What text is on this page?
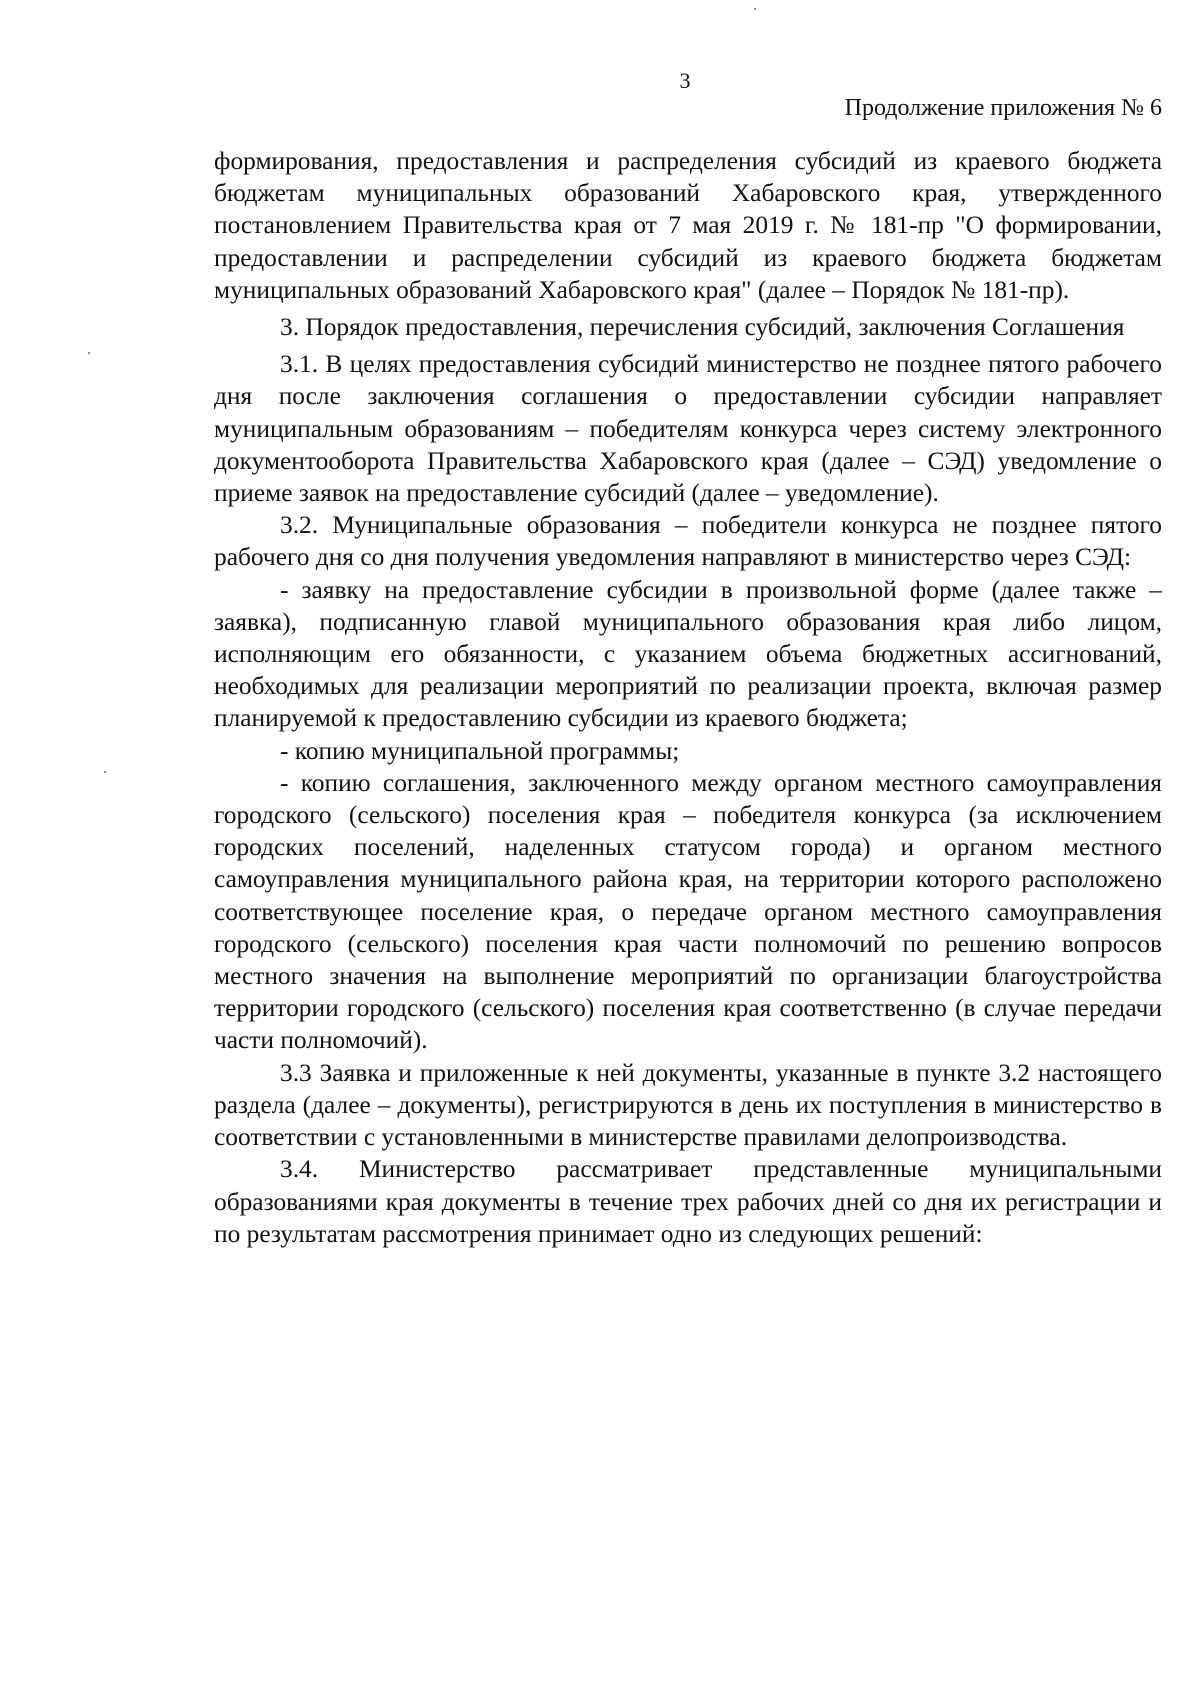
3
Продолжение приложения № 6

формирования, предоставления и распределения субсидий из краевого бюджета бюджетам муниципальных образований Хабаровского края, утвержденного постановлением Правительства края от 7 мая 2019 г. № 181-пр "О формировании, предоставлении и распределении субсидий из краевого бюджета бюджетам муниципальных образований Хабаровского края" (далее – Порядок № 181-пр).

3. Порядок предоставления, перечисления субсидий, заключения Соглашения

3.1. В целях предоставления субсидий министерство не позднее пятого рабочего дня после заключения соглашения о предоставлении субсидии направляет муниципальным образованиям – победителям конкурса через систему электронного документооборота Правительства Хабаровского края (далее – СЭД) уведомление о приеме заявок на предоставление субсидий (далее – уведомление).

3.2. Муниципальные образования – победители конкурса не позднее пятого рабочего дня со дня получения уведомления направляют в министерство через СЭД:

- заявку на предоставление субсидии в произвольной форме (далее также – заявка), подписанную главой муниципального образования края либо лицом, исполняющим его обязанности, с указанием объема бюджетных ассигнований, необходимых для реализации мероприятий по реализации проекта, включая размер планируемой к предоставлению субсидии из краевого бюджета;

- копию муниципальной программы;

- копию соглашения, заключенного между органом местного самоуправления городского (сельского) поселения края – победителя конкурса (за исключением городских поселений, наделенных статусом города) и органом местного самоуправления муниципального района края, на территории которого расположено соответствующее поселение края, о передаче органом местного самоуправления городского (сельского) поселения края части полномочий по решению вопросов местного значения на выполнение мероприятий по организации благоустройства территории городского (сельского) поселения края соответственно (в случае передачи части полномочий).

3.3 Заявка и приложенные к ней документы, указанные в пункте 3.2 настоящего раздела (далее – документы), регистрируются в день их поступления в министерство в соответствии с установленными в министерстве правилами делопроизводства.

3.4. Министерство рассматривает представленные муниципальными образованиями края документы в течение трех рабочих дней со дня их регистрации и по результатам рассмотрения принимает одно из следующих решений:
